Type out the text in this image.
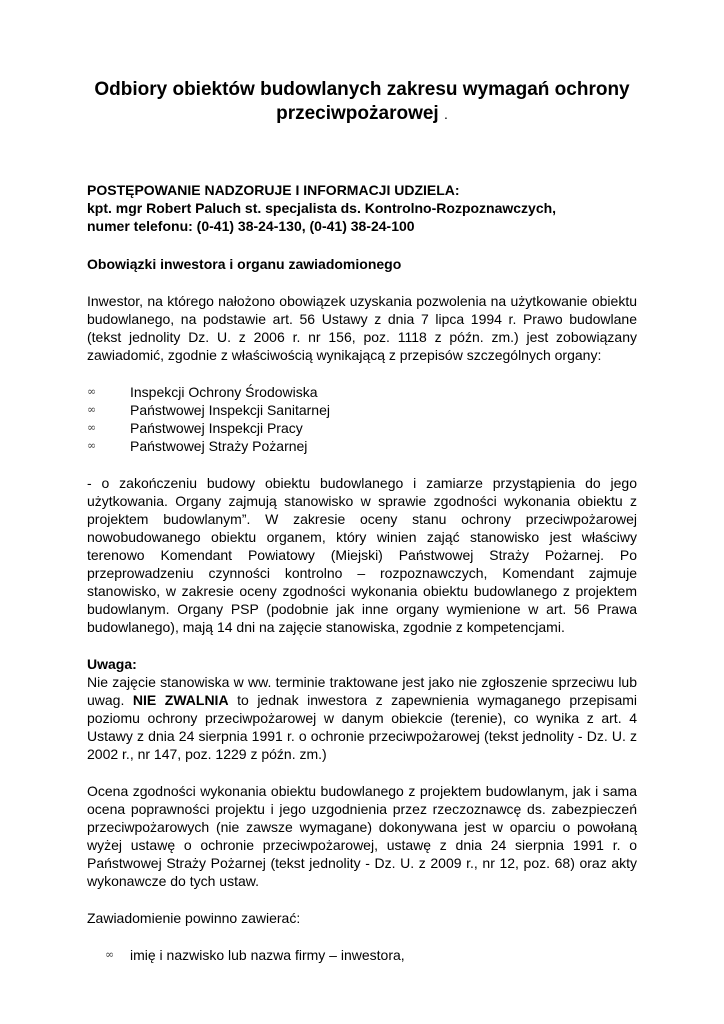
Odbiory obiektów budowlanych zakresu wymagań ochrony przeciwpożarowej .
POSTĘPOWANIE NADZORUJE I INFORMACJI UDZIELA:
kpt. mgr Robert Paluch st. specjalista ds. Kontrolno-Rozpoznawczych,
numer telefonu: (0-41) 38-24-130, (0-41) 38-24-100
Obowiązki inwestora i organu zawiadomionego

Inwestor, na którego nałożono obowiązek uzyskania pozwolenia na użytkowanie obiektu budowlanego, na podstawie art. 56 Ustawy z dnia 7 lipca 1994 r. Prawo budowlane (tekst jednolity Dz. U. z 2006 r. nr 156, poz. 1118 z późn. zm.) jest zobowiązany zawiadomić, zgodnie z właściwością wynikającą z przepisów szczególnych organy:

∞ Inspekcji Ochrony Środowiska
∞ Państwowej Inspekcji Sanitarnej
∞ Państwowej Inspekcji Pracy
∞ Państwowej Straży Pożarnej

- o zakończeniu budowy obiektu budowlanego i zamiarze przystąpienia do jego użytkowania. Organy zajmują stanowisko w sprawie zgodności wykonania obiektu z projektem budowlanym”. W zakresie oceny stanu ochrony przeciwpożarowej nowobudowanego obiektu organem, który winien zająć stanowisko jest właściwy terenowo Komendant Powiatowy (Miejski) Państwowej Straży Pożarnej. Po przeprowadzeniu czynności kontrolno – rozpoznawczych, Komendant zajmuje stanowisko, w zakresie oceny zgodności wykonania obiektu budowlanego z projektem budowlanym. Organy PSP (podobnie jak inne organy wymienione w art. 56 Prawa budowlanego), mają 14 dni na zajęcie stanowiska, zgodnie z kompetencjami.

Uwaga:

Nie zajęcie stanowiska w ww. terminie traktowane jest jako nie zgłoszenie sprzeciwu lub uwag. NIE ZWALNIA to jednak inwestora z zapewnienia wymaganego przepisami poziomu ochrony przeciwpożarowej w danym obiekcie (terenie), co wynika z art. 4 Ustawy z dnia 24 sierpnia 1991 r. o ochronie przeciwpożarowej (tekst jednolity - Dz. U. z 2002 r., nr 147, poz. 1229 z późn. zm.)

Ocena zgodności wykonania obiektu budowlanego z projektem budowlanym, jak i sama ocena poprawności projektu i jego uzgodnienia przez rzeczoznawcę ds. zabezpieczeń przeciwpożarowych (nie zawsze wymagane) dokonywana jest w oparciu o powołaną wyżej ustawę o ochronie przeciwpożarowej, ustawę z dnia 24 sierpnia 1991 r. o Państwowej Straży Pożarnej (tekst jednolity - Dz. U. z 2009 r., nr 12, poz. 68) oraz akty wykonawcze do tych ustaw.

Zawiadomienie powinno zawierać:

∞ imię i nazwisko lub nazwa firmy – inwestora,
